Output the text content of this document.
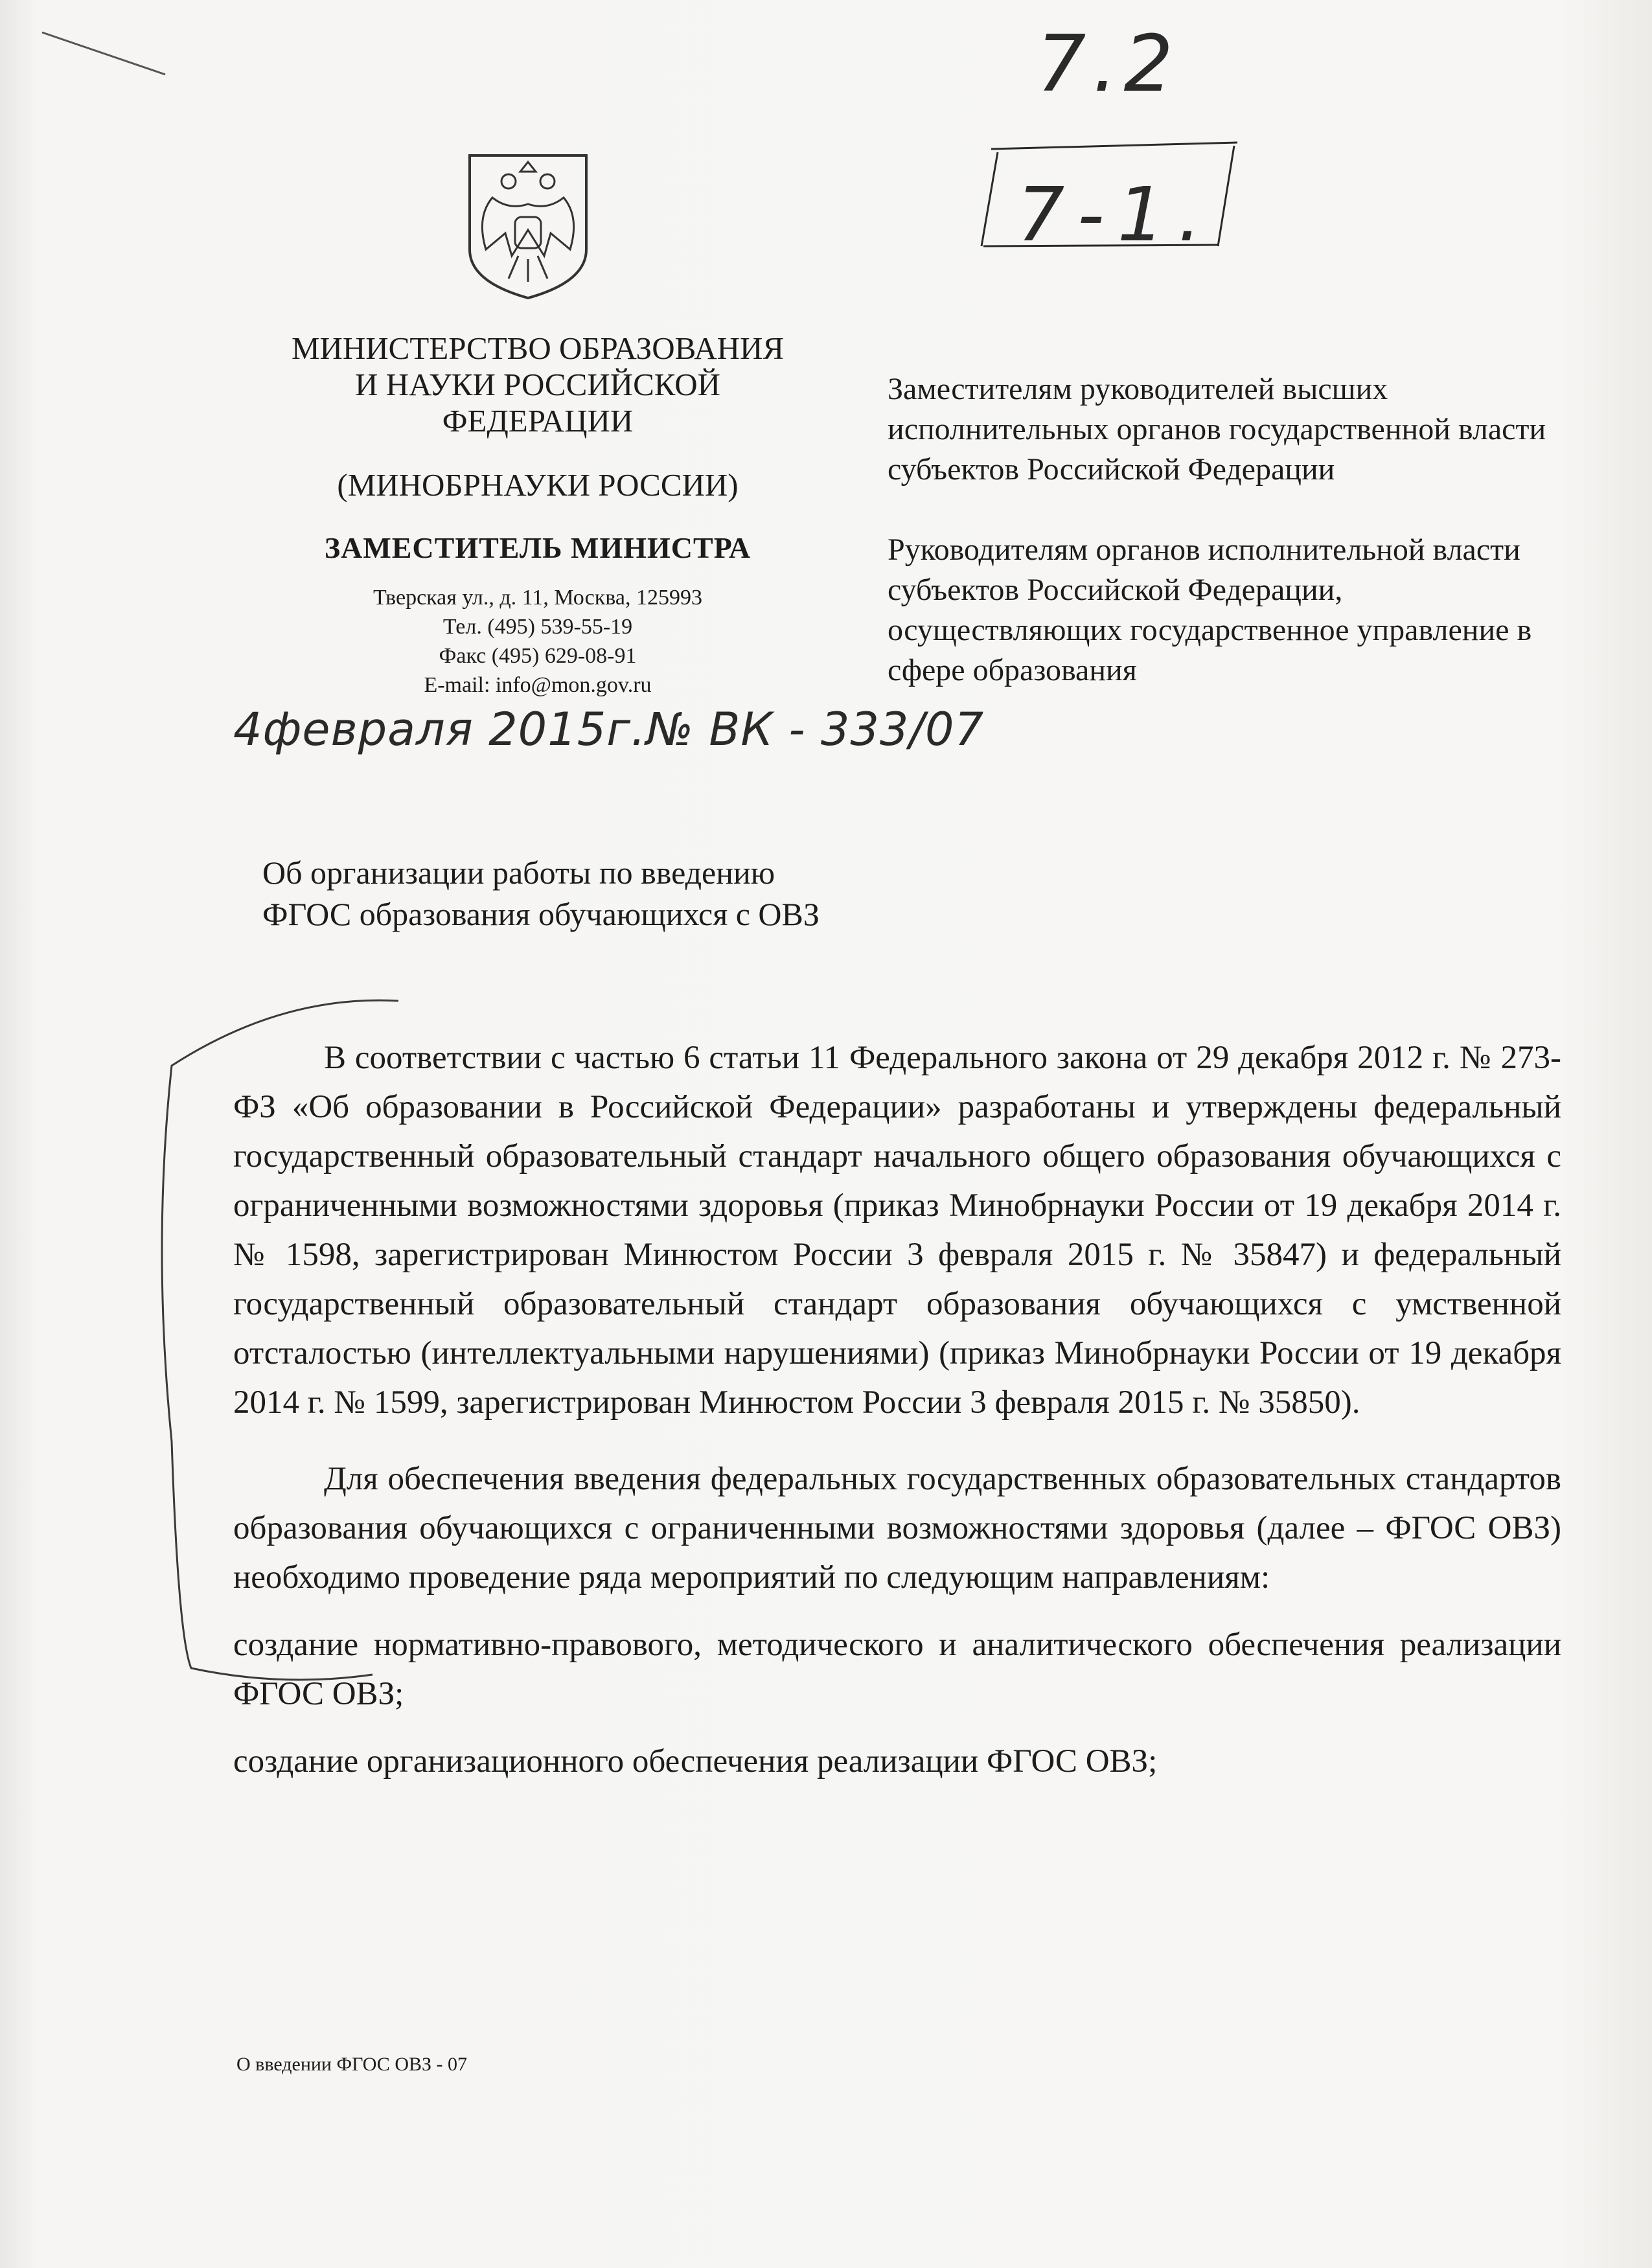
7.2
7-1.
МИНИСТЕРСТВО ОБРАЗОВАНИЯ
И НАУКИ РОССИЙСКОЙ
ФЕДЕРАЦИИ
(МИНОБРНАУКИ РОССИИ)
ЗАМЕСТИТЕЛЬ МИНИСТРА
Тверская ул., д. 11, Москва, 125993
Тел. (495) 539-55-19
Факс (495) 629-08-91
E-mail: info@mon.gov.ru
4февраля 2015г.№ ВК - 333/07
Заместителям руководителей высших исполнительных органов государственной власти субъектов Российской Федерации
Руководителям органов исполнительной власти субъектов Российской Федерации, осуществляющих государственное управление в сфере образования
Об организации работы по введению
ФГОС образования обучающихся с ОВЗ

В соответствии с частью 6 статьи 11 Федерального закона от 29 декабря 2012 г. № 273-ФЗ «Об образовании в Российской Федерации» разработаны и утверждены федеральный государственный образовательный стандарт начального общего образования обучающихся с ограниченными возможностями здоровья (приказ Минобрнауки России от 19 декабря 2014 г. № 1598, зарегистрирован Минюстом России 3 февраля 2015 г. № 35847) и федеральный государственный образовательный стандарт образования обучающихся с умственной отсталостью (интеллектуальными нарушениями) (приказ Минобрнауки России от 19 декабря 2014 г. № 1599, зарегистрирован Минюстом России 3 февраля 2015 г. № 35850).

Для обеспечения введения федеральных государственных образовательных стандартов образования обучающихся с ограниченными возможностями здоровья (далее – ФГОС ОВЗ) необходимо проведение ряда мероприятий по следующим направлениям:

создание нормативно-правового, методического и аналитического обеспечения реализации ФГОС ОВЗ;

создание организационного обеспечения реализации ФГОС ОВЗ;

О введении ФГОС ОВЗ - 07
